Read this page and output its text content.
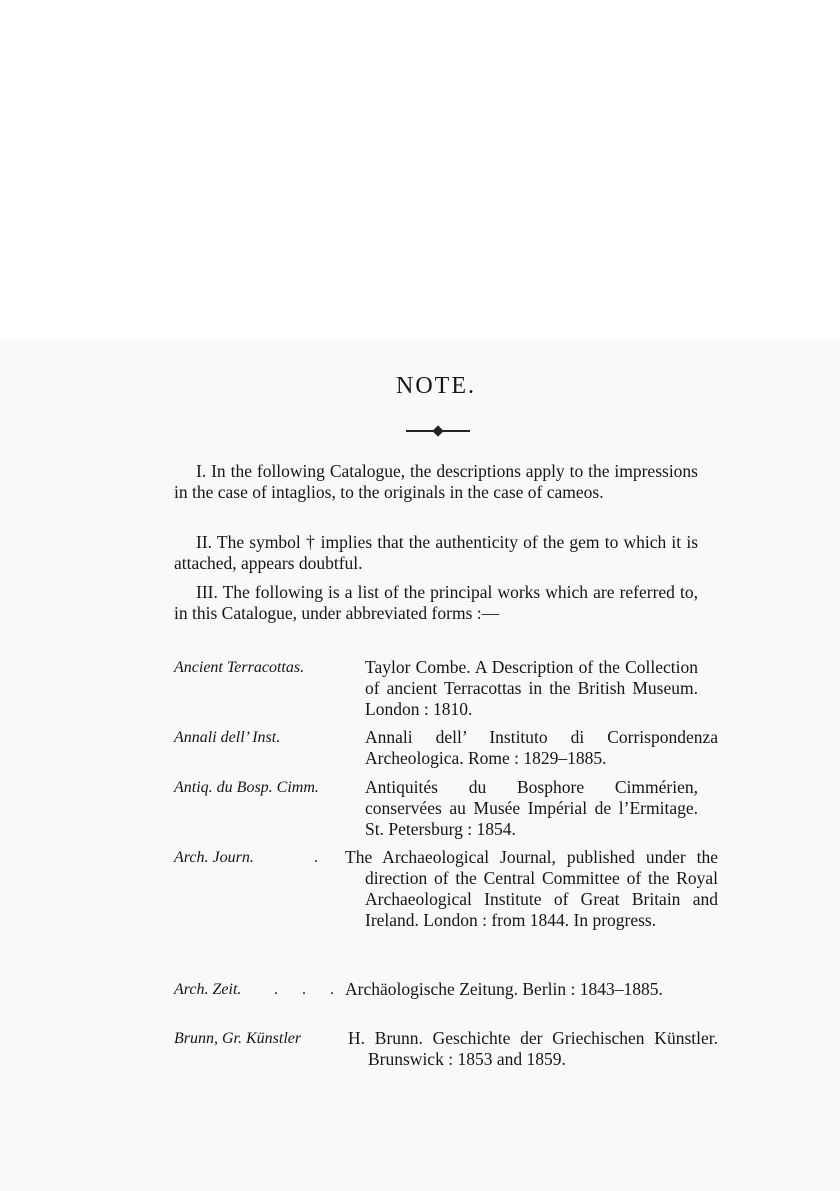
NOTE.

I. In the following Catalogue, the descriptions apply to the impressions in the case of intaglios, to the originals in the case of cameos.

II. The symbol † implies that the authenticity of the gem to which it is attached, appears doubtful.

III. The following is a list of the principal works which are referred to, in this Catalogue, under abbreviated forms :—

Ancient Terracottas.	Taylor Combe. A Description of the Collection of ancient Terracottas in the British Museum. London : 1810.
Annali dell’ Inst.	Annali dell’ Instituto di Corrispondenza Archeologica. Rome : 1829–1885.
Antiq. du Bosp. Cimm.	Antiquités du Bosphore Cimmérien, conservées au Musée Impérial de l’Ermitage. St. Petersburg : 1854.
Arch. Journ.	. The Archaeological Journal, published under the direction of the Central Committee of the Royal Archaeological Institute of Great Britain and Ireland. London : from 1844. In progress.
Arch. Zeit. . . . Archäologische Zeitung. Berlin : 1843–1885.
Brunn, Gr. Künstler	H. Brunn. Geschichte der Griechischen Künstler. Brunswick : 1853 and 1859.
